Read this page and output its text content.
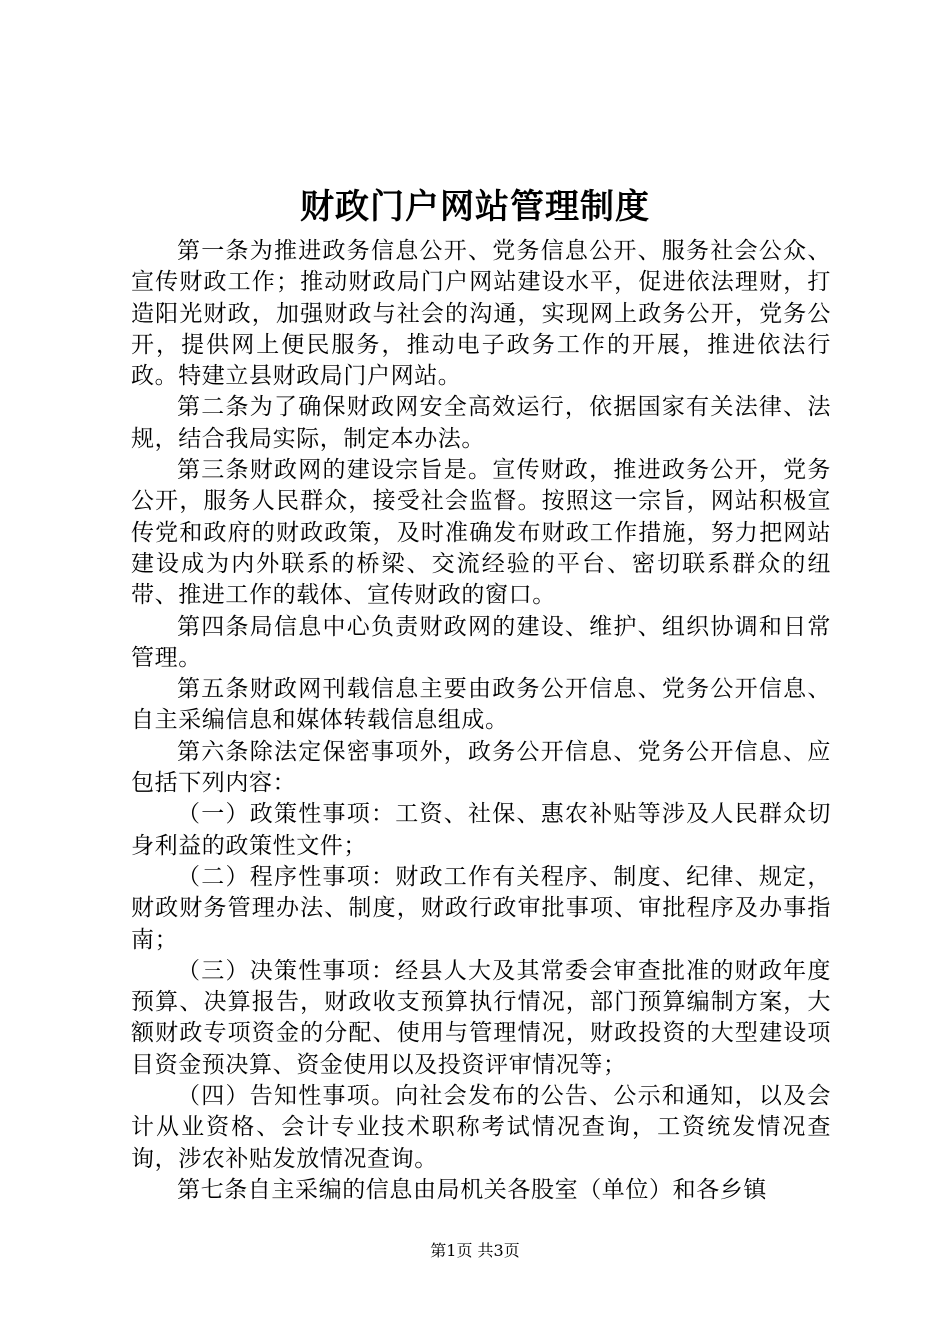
财政门户网站管理制度

第一条为推进政务信息公开、党务信息公开、服务社会公众、宣传财政工作；推动财政局门户网站建设水平，促进依法理财，打造阳光财政，加强财政与社会的沟通，实现网上政务公开，党务公开，提供网上便民服务，推动电子政务工作的开展，推进依法行政。特建立县财政局门户网站。

第二条为了确保财政网安全高效运行，依据国家有关法律、法规，结合我局实际，制定本办法。

第三条财政网的建设宗旨是。宣传财政，推进政务公开，党务公开，服务人民群众，接受社会监督。按照这一宗旨，网站积极宣传党和政府的财政政策，及时准确发布财政工作措施，努力把网站建设成为内外联系的桥梁、交流经验的平台、密切联系群众的纽带、推进工作的载体、宣传财政的窗口。

第四条局信息中心负责财政网的建设、维护、组织协调和日常管理。

第五条财政网刊载信息主要由政务公开信息、党务公开信息、自主采编信息和媒体转载信息组成。

第六条除法定保密事项外，政务公开信息、党务公开信息、应包括下列内容：

（一）政策性事项：工资、社保、惠农补贴等涉及人民群众切身利益的政策性文件；

（二）程序性事项：财政工作有关程序、制度、纪律、规定，财政财务管理办法、制度，财政行政审批事项、审批程序及办事指南；

（三）决策性事项：经县人大及其常委会审查批准的财政年度预算、决算报告，财政收支预算执行情况，部门预算编制方案，大额财政专项资金的分配、使用与管理情况，财政投资的大型建设项目资金预决算、资金使用以及投资评审情况等；

（四）告知性事项。向社会发布的公告、公示和通知，以及会计从业资格、会计专业技术职称考试情况查询，工资统发情况查询，涉农补贴发放情况查询。

第七条自主采编的信息由局机关各股室（单位）和各乡镇

第1页 共3页
